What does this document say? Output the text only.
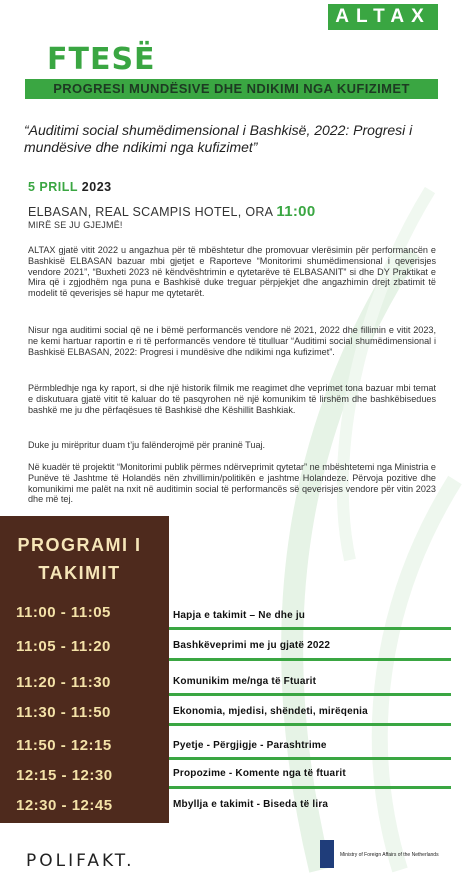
ALTAX
FTESË
PROGRESI MUNDËSIVE DHE NDIKIMI NGA KUFIZIMET
“Auditimi social shumëdimensional i Bashkisë, 2022: Progresi i mundësive dhe ndikimi nga kufizimet”
5 PRILL 2023
ELBASAN, REAL SCAMPIS HOTEL, ORA 11:00
MIRË SE JU GJEJMË!

ALTAX gjatë vitit 2022 u angazhua për të mbështetur dhe promovuar vlerësimin për performancën e Bashkisë ELBASAN bazuar mbi gjetjet e Raporteve “Monitorimi shumëdimensional i qeverisjes vendore 2021”, “Buxheti 2023 në këndvështrimin e qytetarëve të ELBASANIT” si dhe DY Praktikat e Mira që i zgjodhëm nga puna e Bashkisë duke treguar përpjekjet dhe angazhimin drejt zbatimit të modelit të qeverisjes së hapur me qytetarët.

Nisur nga auditimi social që ne i bëmë performancës vendore në 2021, 2022 dhe fillimin e vitit 2023, ne kemi hartuar raportin e ri të performancës vendore të titulluar “Auditimi social shumëdimensional i Bashkisë ELBASAN, 2022: Progresi i mundësive dhe ndikimi nga kufizimet”.

Përmbledhje nga ky raport, si dhe një historik filmik me reagimet dhe veprimet tona bazuar mbi temat e diskutuara gjatë vitit të kaluar do të pasqyrohen në një komunikim të lirshëm dhe bashkëbisedues bashkë me ju dhe përfaqësues të Bashkisë dhe Këshillit Bashkiak.

Duke ju mirëpritur duam t’ju falënderojmë për praninë Tuaj.

Në kuadër të projektit “Monitorimi publik përmes ndërveprimit qytetar” ne mbështetemi nga Ministria e Punëve të Jashtme të Holandës nën zhvillimin/politikën e jashtme Holandeze. Përvoja pozitive dhe komunikimi me palët na nxit në auditimin social të performancës së qeverisjes vendore për vitin 2023 dhe më tej.

PROGRAMI I
TAKIMIT
11:00 - 11:05	Hapja e takimit – Ne dhe ju
11:05 - 11:20	Bashkëveprimi me ju gjatë 2022
11:20 - 11:30	Komunikim me/nga të Ftuarit
11:30 - 11:50	Ekonomia, mjedisi, shëndeti, mirëqenia
11:50 - 12:15	Pyetje - Përgjigje - Parashtrime
12:15 - 12:30	Propozime - Komente nga të ftuarit
12:30 - 12:45	Mbyllja e takimit - Biseda të lira
POLIFAKT.	Ministry of Foreign Affairs of the Netherlands
